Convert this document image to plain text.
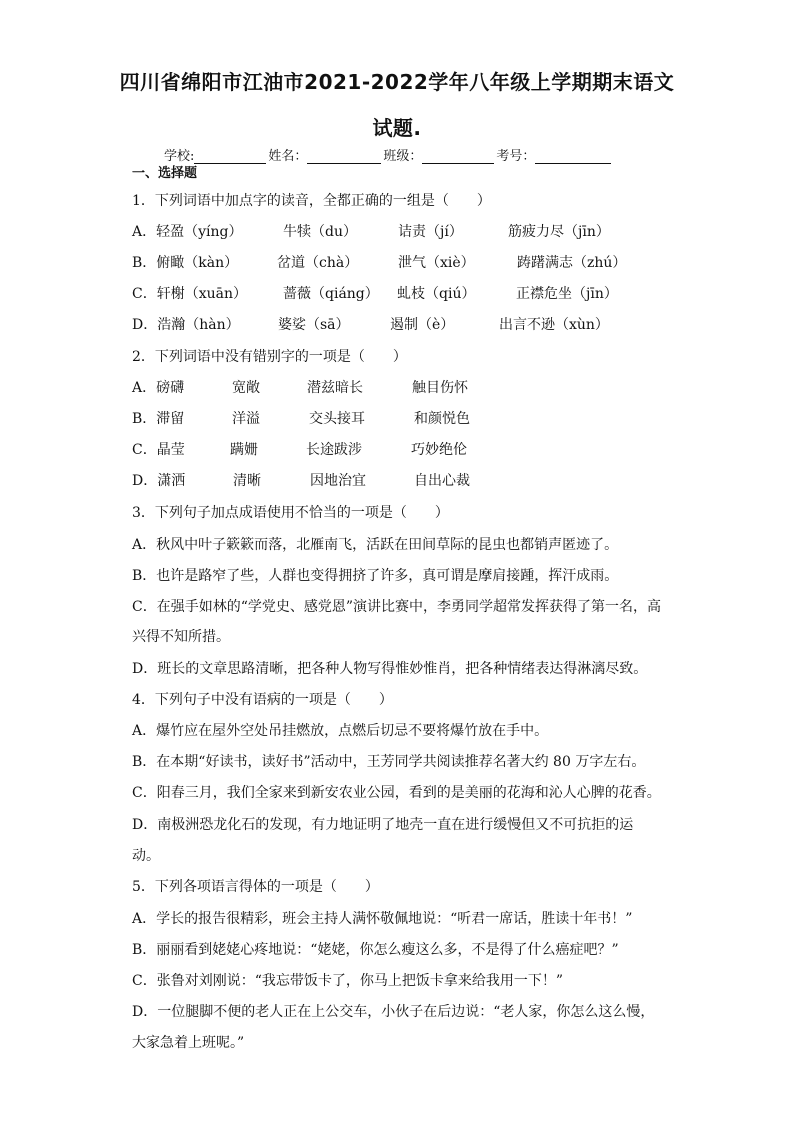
四川省绵阳市江油市2021-2022学年八年级上学期期末语文
试题.
学校:	姓名：	班级：	考号：
一、选择题
1．下列词语中加点字的读音，全都正确的一组是（　　）
A．轻盈（yíng）	牛犊（du）	诘责（jí）	筋疲力尽（jīn）
B．俯瞰（kàn）	岔道（chà）	泄气（xiè）	踌躇满志（zhú）
C．轩榭（xuān）	蔷薇（qiáng） 虬枝（qiú）	正襟危坐（jīn）
D．浩瀚（hàn）	婆娑（sā）	遏制（è）	出言不逊（xùn）
2．下列词语中没有错别字的一项是（　　）
A．磅礴	宽敞	潜兹暗长	触目伤怀
B．滞留	洋溢	交头接耳	和颜悦色
C．晶莹	蹒姗	长途跋涉	巧妙绝伦
D．潇洒	清晰	因地治宜	自出心裁
3．下列句子加点成语使用不恰当的一项是（　　）
A．秋风中叶子簌簌而落，北雁南飞，活跃在田间草际的昆虫也都销声匿迹了。
B．也许是路窄了些，人群也变得拥挤了许多，真可谓是摩肩接踵，挥汗成雨。
C．在强手如林的“学党史、感党恩”演讲比赛中，李勇同学超常发挥获得了第一名，高
兴得不知所措。
D．班长的文章思路清晰，把各种人物写得惟妙惟肖，把各种情绪表达得淋漓尽致。
4．下列句子中没有语病的一项是（　　）
A．爆竹应在屋外空处吊挂燃放，点燃后切忌不要将爆竹放在手中。
B．在本期“好读书，读好书”活动中，王芳同学共阅读推荐名著大约 80 万字左右。
C．阳春三月，我们全家来到新安农业公园，看到的是美丽的花海和沁人心脾的花香。
D．南极洲恐龙化石的发现，有力地证明了地壳一直在进行缓慢但又不可抗拒的运
动。
5．下列各项语言得体的一项是（　　）
A．学长的报告很精彩，班会主持人满怀敬佩地说：“听君一席话，胜读十年书！”
B．丽丽看到姥姥心疼地说：“姥姥，你怎么瘦这么多，不是得了什么癌症吧？”
C．张鲁对刘刚说：“我忘带饭卡了，你马上把饭卡拿来给我用一下！”
D．一位腿脚不便的老人正在上公交车，小伙子在后边说：“老人家，你怎么这么慢，
大家急着上班呢。”
